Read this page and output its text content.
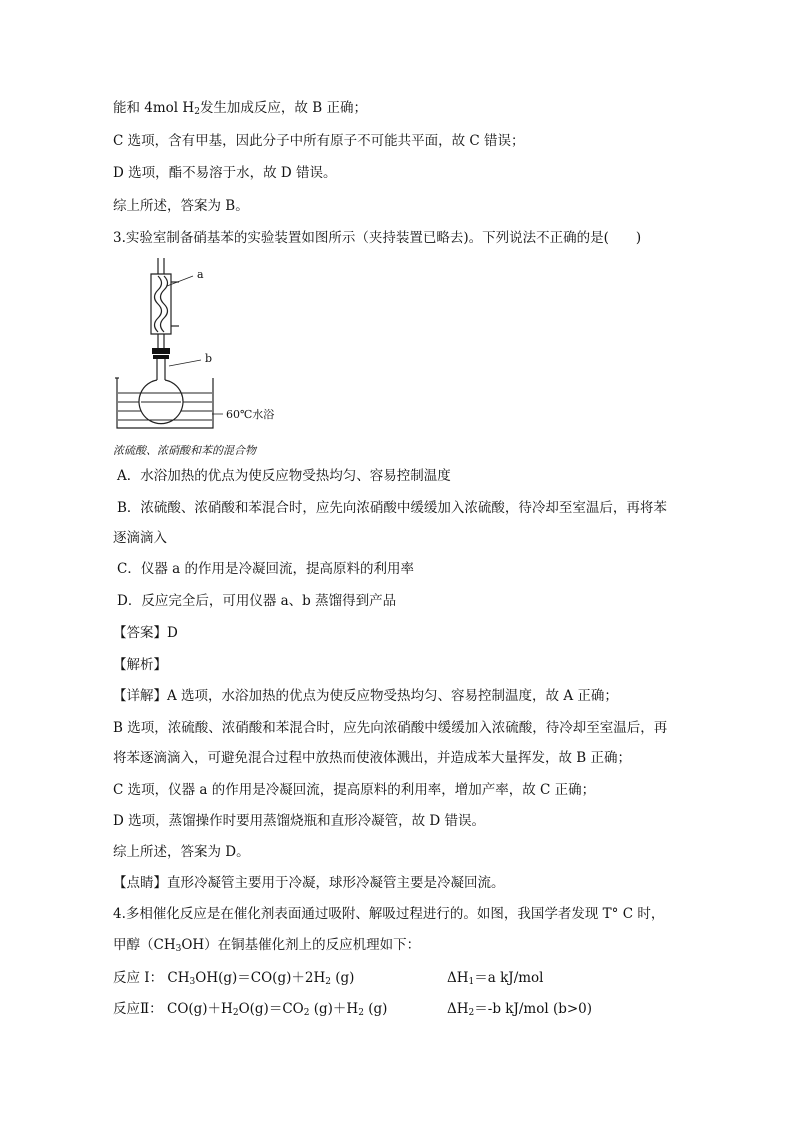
能和 4mol $H_2$发生加成反应，故 B 正确；
C 选项，含有甲基，因此分子中所有原子不可能共平面，故 C 错误；
D 选项，酯不易溶于水，故 D 错误。
综上所述，答案为 B。
3.实验室制备硝基苯的实验装置如图所示（夹持装置已略去)。下列说法不正确的是(　　)
a
b
60℃水浴
浓硫酸、浓硝酸和苯的混合物
A．水浴加热的优点为使反应物受热均匀、容易控制温度
B．浓硫酸、浓硝酸和苯混合时，应先向浓硝酸中缓缓加入浓硫酸，待冷却至室温后，再将苯
逐滴滴入
C．仪器 a 的作用是冷凝回流，提高原料的利用率
D．反应完全后，可用仪器 a、b 蒸馏得到产品
【答案】D
【解析】
【详解】A 选项，水浴加热的优点为使反应物受热均匀、容易控制温度，故 A 正确；
B 选项，浓硫酸、浓硝酸和苯混合时，应先向浓硝酸中缓缓加入浓硫酸，待冷却至室温后，再
将苯逐滴滴入，可避免混合过程中放热而使液体溅出，并造成苯大量挥发，故 B 正确；
C 选项，仪器 a 的作用是冷凝回流，提高原料的利用率，增加产率，故 C 正确；
D 选项，蒸馏操作时要用蒸馏烧瓶和直形冷凝管，故 D 错误。
综上所述，答案为 D。
【点睛】直形冷凝管主要用于冷凝，球形冷凝管主要是冷凝回流。
4.多相催化反应是在催化剂表面通过吸附、解吸过程进行的。如图，我国学者发现 T° C 时，
甲醇$(CH_3OH)$在铜基催化剂上的反应机理如下：
反应 I： $CH_3OH(g)=CO(g)+2H_2$ (g)	$\Delta H_1=a$ kJ/mol
反应Ⅱ： $CO(g)+H_2O(g)=CO_2$ $(g)+H_2$ (g)	$\Delta H_2=-b$ kJ/mol (b>0)
